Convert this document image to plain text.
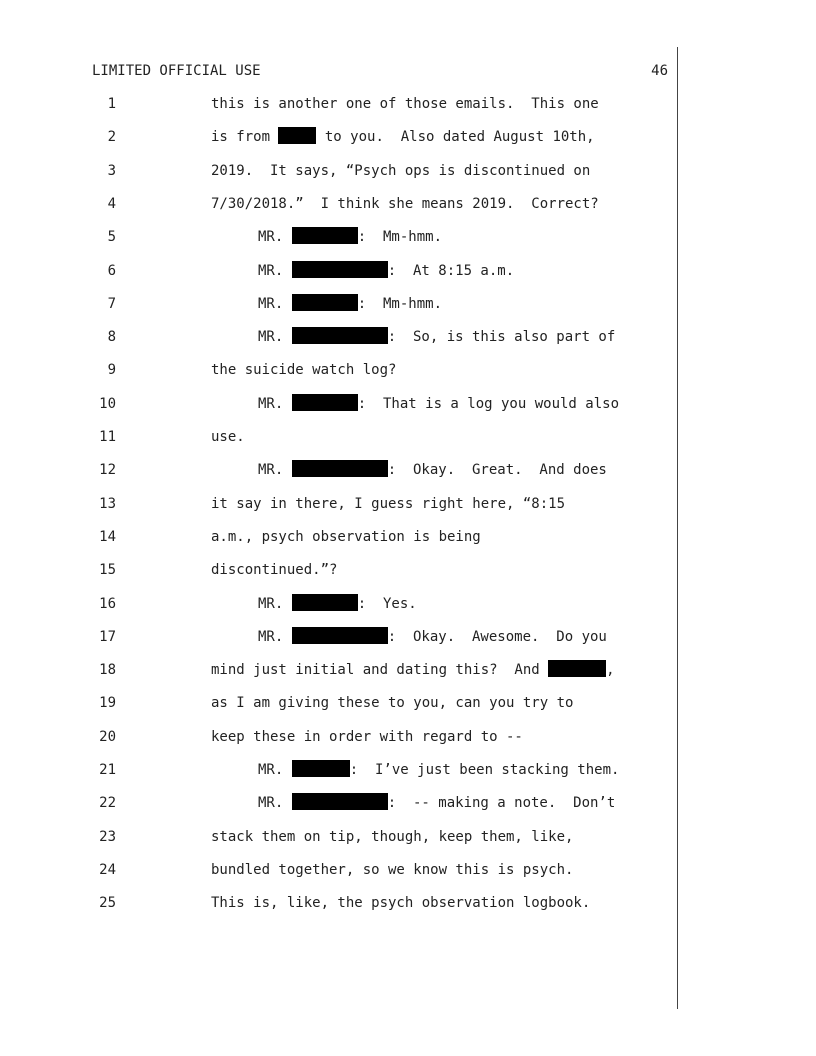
LIMITED OFFICIAL USE	46
1	this is another one of those emails.  This one
2	is from	to you.  Also dated August 10th,
3	2019.  It says, “Psych ops is discontinued on
4	7/30/2018.”  I think she means 2019.  Correct?
5	MR.	:  Mm-hmm.
6	MR.	:  At 8:15 a.m.
7	MR.	:  Mm-hmm.
8	MR.	:  So, is this also part of
9	the suicide watch log?
10	MR.	:  That is a log you would also
11	use.
12	MR.	:  Okay.  Great.  And does
13	it say in there, I guess right here, “8:15
14	a.m., psych observation is being
15	discontinued.”?
16	MR.	:  Yes.
17	MR.	:  Okay.  Awesome.  Do you
18	mind just initial and dating this?  And	,
19	as I am giving these to you, can you try to
20	keep these in order with regard to --
21	MR.	:  I’ve just been stacking them.
22	MR.	:  -- making a note.  Don’t
23	stack them on tip, though, keep them, like,
24	bundled together, so we know this is psych.
25	This is, like, the psych observation logbook.
